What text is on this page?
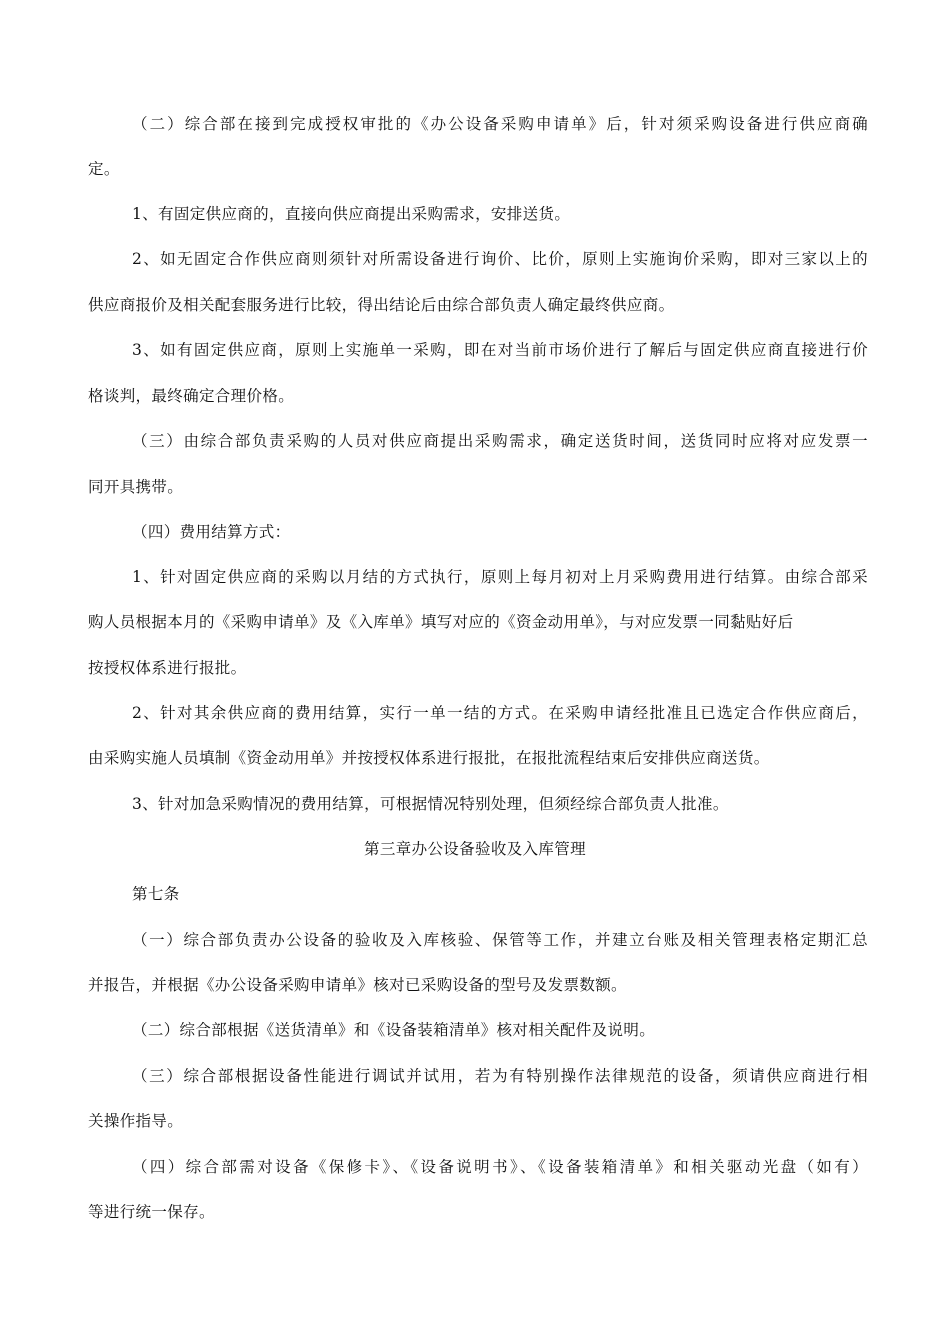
（二）综合部在接到完成授权审批的《办公设备采购申请单》后，针对须采购设备进行供应商确
定。
1、有固定供应商的，直接向供应商提出采购需求，安排送货。
2、如无固定合作供应商则须针对所需设备进行询价、比价，原则上实施询价采购，即对三家以上的
供应商报价及相关配套服务进行比较，得出结论后由综合部负责人确定最终供应商。
3、如有固定供应商，原则上实施单一采购，即在对当前市场价进行了解后与固定供应商直接进行价
格谈判，最终确定合理价格。
（三）由综合部负责采购的人员对供应商提出采购需求，确定送货时间，送货同时应将对应发票一
同开具携带。
（四）费用结算方式：
1、针对固定供应商的采购以月结的方式执行，原则上每月初对上月采购费用进行结算。由综合部采
购人员根据本月的《采购申请单》及《入库单》填写对应的《资金动用单》，与对应发票一同黏贴好后
按授权体系进行报批。
2、针对其余供应商的费用结算，实行一单一结的方式。在采购申请经批准且已选定合作供应商后，
由采购实施人员填制《资金动用单》并按授权体系进行报批，在报批流程结束后安排供应商送货。
3、针对加急采购情况的费用结算，可根据情况特别处理，但须经综合部负责人批准。
第三章办公设备验收及入库管理
第七条
（一）综合部负责办公设备的验收及入库核验、保管等工作，并建立台账及相关管理表格定期汇总
并报告，并根据《办公设备采购申请单》核对已采购设备的型号及发票数额。
（二）综合部根据《送货清单》和《设备装箱清单》核对相关配件及说明。
（三）综合部根据设备性能进行调试并试用，若为有特别操作法律规范的设备，须请供应商进行相
关操作指导。
（四）综合部需对设备《保修卡》、《设备说明书》、《设备装箱清单》和相关驱动光盘（如有）
等进行统一保存。
